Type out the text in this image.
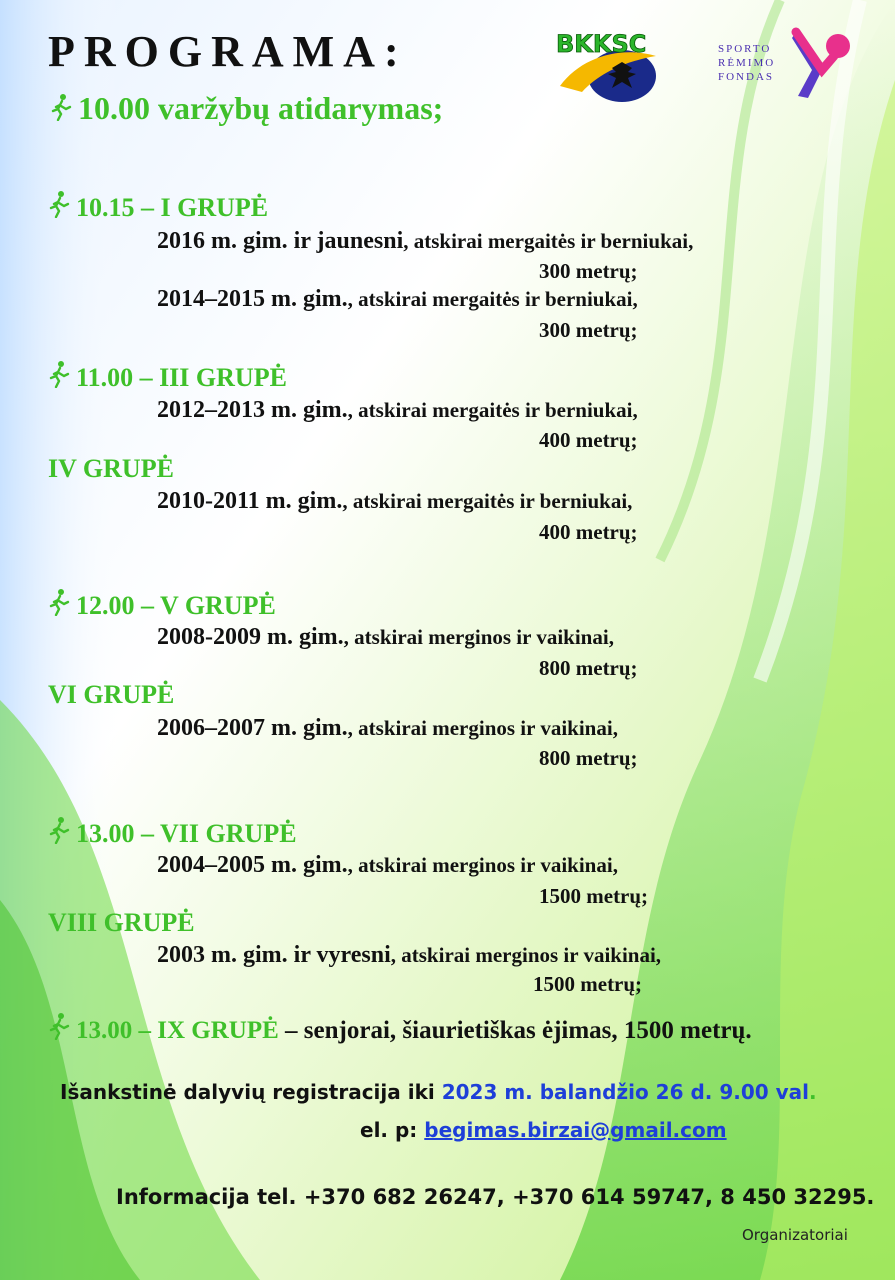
PROGRAMA:	BKKSC	SPORTO
RĖMIMO
FONDAS
10.00 varžybų atidarymas;
10.15 – I GRUPĖ
2016 m. gim. ir jaunesni, atskirai mergaitės ir berniukai,
300 metrų;
2014–2015 m. gim., atskirai mergaitės ir berniukai,
300 metrų;
11.00 – III GRUPĖ
2012–2013 m. gim., atskirai mergaitės ir berniukai,
400 metrų;
IV GRUPĖ
2010-2011 m. gim., atskirai mergaitės ir berniukai,
400 metrų;
12.00 – V GRUPĖ
2008-2009 m. gim., atskirai merginos ir vaikinai,
800 metrų;
VI GRUPĖ
2006–2007 m. gim., atskirai merginos ir vaikinai,
800 metrų;
13.00 – VII GRUPĖ
2004–2005 m. gim., atskirai merginos ir vaikinai,
1500 metrų;
VIII GRUPĖ
2003 m. gim. ir vyresni, atskirai merginos ir vaikinai,
1500 metrų;
13.00 – IX GRUPĖ – senjorai, šiaurietiškas ėjimas, 1500 metrų.
Išankstinė dalyvių registracija iki 2023 m. balandžio 26 d. 9.00 val.
el. p: begimas.birzai@gmail.com
Informacija tel. +370 682 26247, +370 614 59747, 8 450 32295.
Organizatoriai
